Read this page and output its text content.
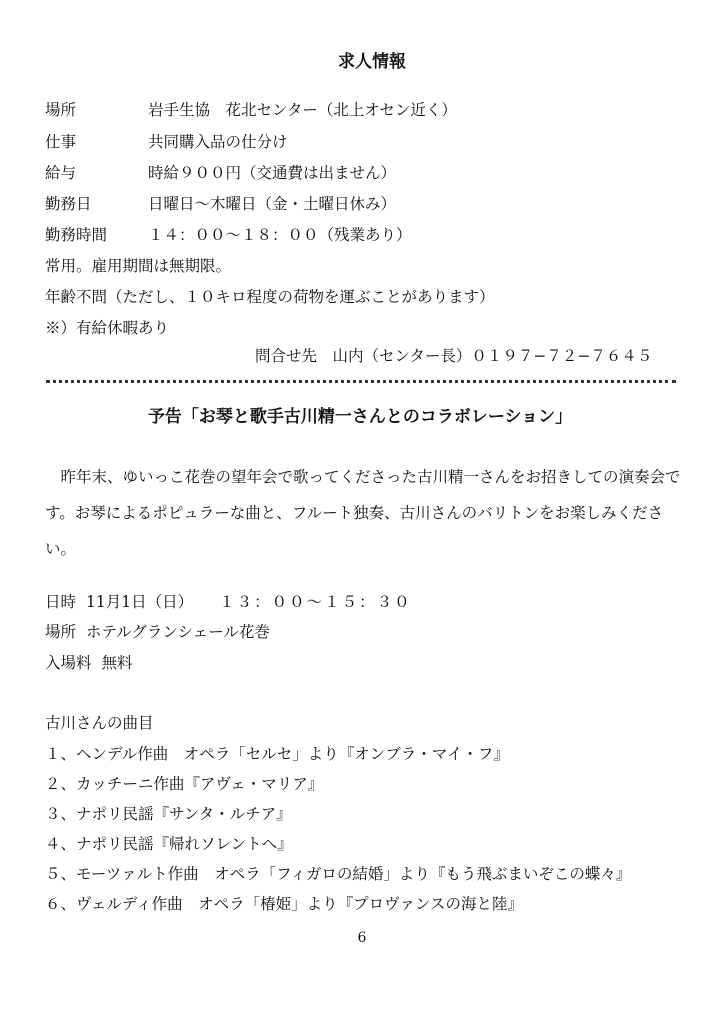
求人情報
場所	岩手生協　花北センター（北上オセン近く）
仕事	共同購入品の仕分け
給与	時給９００円（交通費は出ません）
勤務日	日曜日～木曜日（金・土曜日休み）
勤務時間	１４：００～１８：００（残業あり）
常用。雇用期間は無期限。
年齢不問（ただし、１０キロ程度の荷物を運ぶことがあります）
※）有給休暇あり
問合せ先　山内（センター長）０１９７−７２−７６４５
予告「お琴と歌手古川精一さんとのコラボレーション」

昨年末、ゆいっこ花巻の望年会で歌ってくださった古川精一さんをお招きしての演奏会です。お琴によるポピュラーな曲と、フルート独奏、古川さんのバリトンをお楽しみください。

日時 11月1日（日） １３：００～１５：３０
場所 ホテルグランシェール花巻
入場料 無料
古川さんの曲目
１、ヘンデル作曲　オペラ「セルセ」より『オンブラ・マイ・フ』
２、カッチーニ作曲『アヴェ・マリア』
３、ナポリ民謡『サンタ・ルチア』
４、ナポリ民謡『帰れソレントへ』
５、モーツァルト作曲　オペラ「フィガロの結婚」より『もう飛ぶまいぞこの蝶々』
６、ヴェルディ作曲　オペラ「椿姫」より『プロヴァンスの海と陸』
6
